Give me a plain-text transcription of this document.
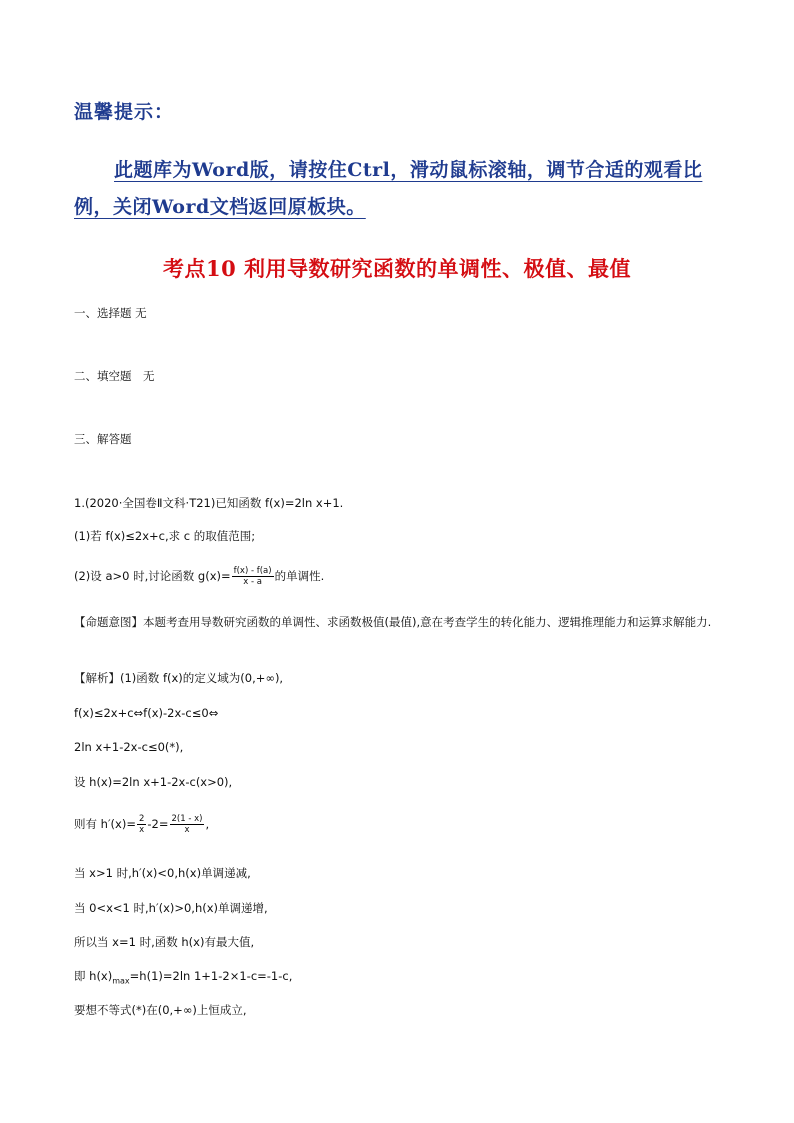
温馨提示：
此题库为Word版，请按住Ctrl，滑动鼠标滚轴，调节合适的观看比例，关闭Word文档返回原板块。
考点10 利用导数研究函数的单调性、极值、最值
一、选择题 无
二、填空题　无
三、解答题
1.(2020·全国卷Ⅱ文科·T21)已知函数 f(x)=2ln x+1.
(1)若 f(x)≤2x+c,求 c 的取值范围;
(2)设 a>0 时,讨论函数 $g(x)= \frac{f(x) - f(a)}{x - a}$ 的单调性.
【命题意图】本题考查用导数研究函数的单调性、求函数极值(最值),意在考查学生的转化能力、逻辑推理能力和运算求解能力.
【解析】(1)函数 f(x)的定义域为(0,+∞),
f(x)≤2x+c⇔f(x)-2x-c≤0⇔
2ln x+1-2x-c≤0(*),
设 h(x)=2ln x+1-2x-c(x>0),
则有 $h'(x)= \frac{2}{x} -2= \frac{2(1 - x)}{x}$ ,
当 x>1 时,h′(x)<0,h(x)单调递减,
当 0<x<1 时,h′(x)>0,h(x)单调递增,
所以当 x=1 时,函数 h(x)有最大值,
即 $h(x)_{max}=h(1)=2\ln$ 1+1-2×1-c=-1-c,
要想不等式(*)在(0,+∞)上恒成立,
